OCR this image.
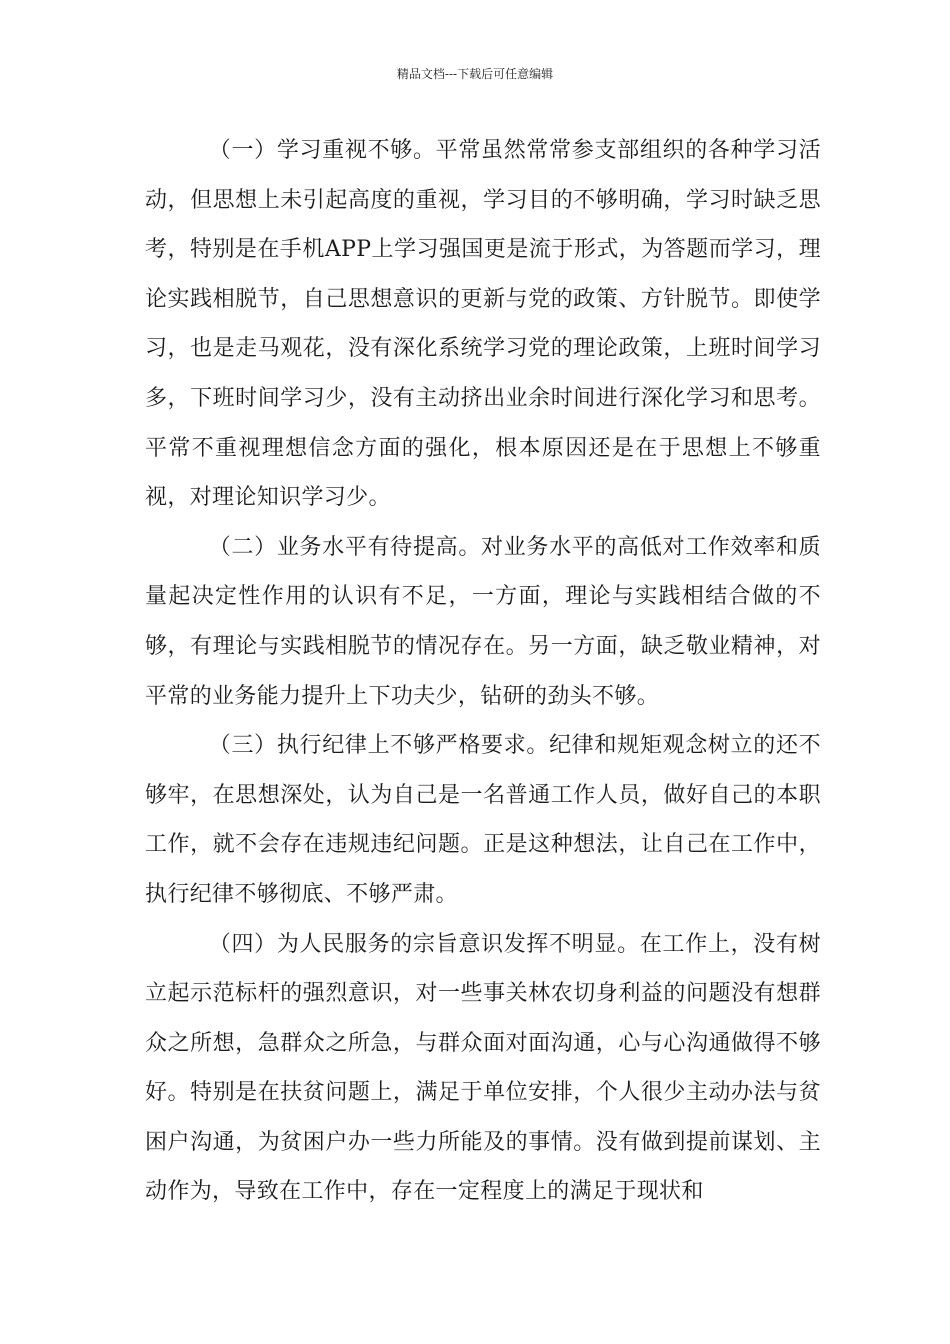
精品文档---下载后可任意编辑

（一）学习重视不够。平常虽然常常参支部组织的各种学习活动，但思想上未引起高度的重视，学习目的不够明确，学习时缺乏思考，特别是在手机APP上学习强国更是流于形式，为答题而学习，理论实践相脱节，自己思想意识的更新与党的政策、方针脱节。即使学习，也是走马观花，没有深化系统学习党的理论政策，上班时间学习多，下班时间学习少，没有主动挤出业余时间进行深化学习和思考。平常不重视理想信念方面的强化，根本原因还是在于思想上不够重视，对理论知识学习少。

（二）业务水平有待提高。对业务水平的高低对工作效率和质量起决定性作用的认识有不足，一方面，理论与实践相结合做的不够，有理论与实践相脱节的情况存在。另一方面，缺乏敬业精神，对平常的业务能力提升上下功夫少，钻研的劲头不够。

（三）执行纪律上不够严格要求。纪律和规矩观念树立的还不够牢，在思想深处，认为自己是一名普通工作人员，做好自己的本职工作，就不会存在违规违纪问题。正是这种想法，让自己在工作中，执行纪律不够彻底、不够严肃。

（四）为人民服务的宗旨意识发挥不明显。在工作上，没有树立起示范标杆的强烈意识，对一些事关林农切身利益的问题没有想群众之所想，急群众之所急，与群众面对面沟通，心与心沟通做得不够好。特别是在扶贫问题上，满足于单位安排，个人很少主动办法与贫困户沟通，为贫困户办一些力所能及的事情。没有做到提前谋划、主动作为，导致在工作中，存在一定程度上的满足于现状和
